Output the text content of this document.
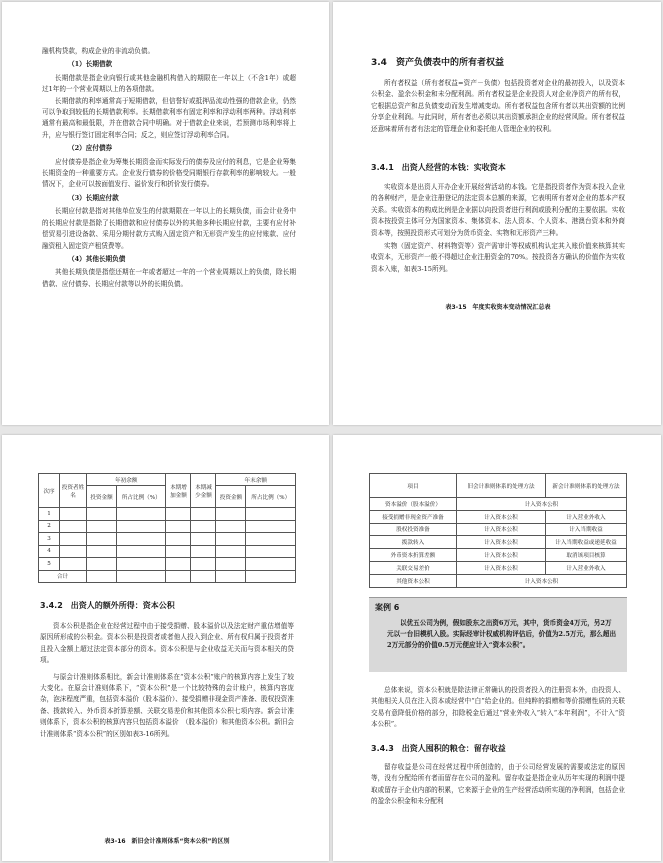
融机构贷款，构成企业的非流动负债。

（1）长期借款

长期借款是指企业向银行或其他金融机构借入的期限在一年以上（不含1年）或超过1年的一个营业周期以上的各项借款。

长期借款的利率通常高于短期借款，但信誉好或抵押品流动性强的借款企业，仍然可以争取到较低的长期借款利率。长期借款利率有固定利率和浮动利率两种。浮动利率通常有最高和最低限，并在借款合同中明确。对于借款企业来说，若预测市场利率将上升，应与银行签订固定利率合同；反之，则应签订浮动利率合同。

（2）应付债券

应付债券是指企业为筹集长期资金而实际发行的债券及应付的利息，它是企业筹集长期资金的一种重要方式。企业发行债券的价格受同期银行存款利率的影响较大。一般情况下，企业可以按面值发行、溢价发行和折价发行债券。

（3）长期应付款

长期应付款是指对其他单位发生的付款期限在一年以上的长期负债，而会计业务中的长期应付款是指除了长期借款和应付债券以外的其他多种长期应付款，主要有应付补偿贸易引进设备款、采用分期付款方式购入固定资产和无形资产发生的应付账款、应付融资租入固定资产租赁费等。

（4）其他长期负债

其他长期负债是指偿还期在一年或者超过一年的一个营业周期以上的负债，除长期借款、应付债券、长期应付款等以外的长期负债。

3.4　资产负债表中的所有者权益

所有者权益（所有者权益=资产－负债）包括投资者对企业的最初投入，以及资本公积金、盈余公积金和未分配利润。所有者权益是企业投资人对企业净资产的所有权，它根据总资产和总负债变动而发生增减变动。所有者权益包含所有者以其出资额的比例分享企业利润。与此同时，所有者也必须以其出资额承担企业的经营风险。所有者权益还意味着所有者有法定的管理企业和委托他人管理企业的权利。

3.4.1　出资人经营的本钱：实收资本

实收资本是出资人开办企业开展经营活动的本钱。它是指投资者作为资本投入企业的各种财产，是企业注册登记的法定资本总额的来源，它表明所有者对企业的基本产权关系。实收资本的构成比例是企业据以向投资者进行利润或股利分配的主要依据。实收资本按投资主体可分为国家资本、集体资本、法人资本、个人资本、港澳台资本和外商资本等，按照投资形式可划分为货币资金、实物和无形资产三种。

实物（固定资产、材料物资等）资产需审计等权威机构认定其入账价值来核算其实收资本，无形资产一般不得超过企业注册资金的70%。按投资各方确认的价值作为实收资本入账，如表3-15所列。

表3-15　年度实收资本变动情况汇总表
次序	投资者姓名	年初余额		本期增加金额	本期减少金额	年末余额	
		投资金额	所占比例（%）			投资金额	所占比例（%）
1							
2							
3							
4							
5							
合计							
3.4.2　出资人的额外所得：资本公积

资本公积是指企业在经营过程中由于接受捐赠、股本溢价以及法定财产重估增值等原因所形成的公积金。资本公积是投资者或者他人投入到企业、所有权归属于投资者并且投入金额上超过法定资本部分的资本。资本公积是与企业收益无关而与资本相关的贷项。

与原会计准则体系相比，新会计准则体系在“资本公积”账户的核算内容上发生了较大变化。在原会计准则体系下，“资本公积”是一个比较特殊的会计账户，核算内容庞杂，泡沫程度严重，包括资本溢价（股本溢价）、接受捐赠非现金资产准备、股权投资准备、拨款转入、外币资本折算差额、关联交易差价和其他资本公积七项内容。新会计准则体系下，资本公积的核算内容只包括资本溢价　（股本溢价）和其他资本公积。新旧会计准则体系“资本公积”的区别如表3-16所列。

表3-16　新旧会计准则体系“资本公积”的区别
项目	旧会计准则体系的处理方法	新会计准则体系的处理方法
资本溢价（股本溢价）	计入资本公积	
接受捐赠非现金资产准备	计入资本公积	计入营业外收入
股权投资准备	计入资本公积	计入当期收益
拨款转入	计入资本公积	计入当期收益或递延收益
外币资本折算差额	计入资本公积	取消该项目核算
关联交易差价	计入资本公积	计入营业外收入
其他资本公积	计入资本公积	
案例 6
以优五公司为例，假如股东之出资6万元，其中，货币资金4万元，另2万元以一台旧模机入股。实际经审计权威机构评估后，价值为2.5万元，那么超出2万元部分的价值0.5万元便应计入“资本公积”。

总体来说，资本公积就是除法律正常确认的投资者投入的注册资本外，由投资人、其他相关人员在注入资本或经营中“白”给企业的。但纯粹的捐赠和等价捐赠性质的关联交易有意降低价格的部分，扣除税金后通过“营业外收入”转入“本年利润”，不计入“资本公积”。

3.4.3　出资人囤积的粮仓：留存收益

留存收益是公司在经营过程中所创造的，由于公司经营发展的需要或法定的原因等，没有分配给所有者而留存在公司的盈利。留存收益是指企业从历年实现的利润中提取或留存于企业内部的积累，它来源于企业的生产经营活动所实现的净利润，包括企业的盈余公积金和未分配利
